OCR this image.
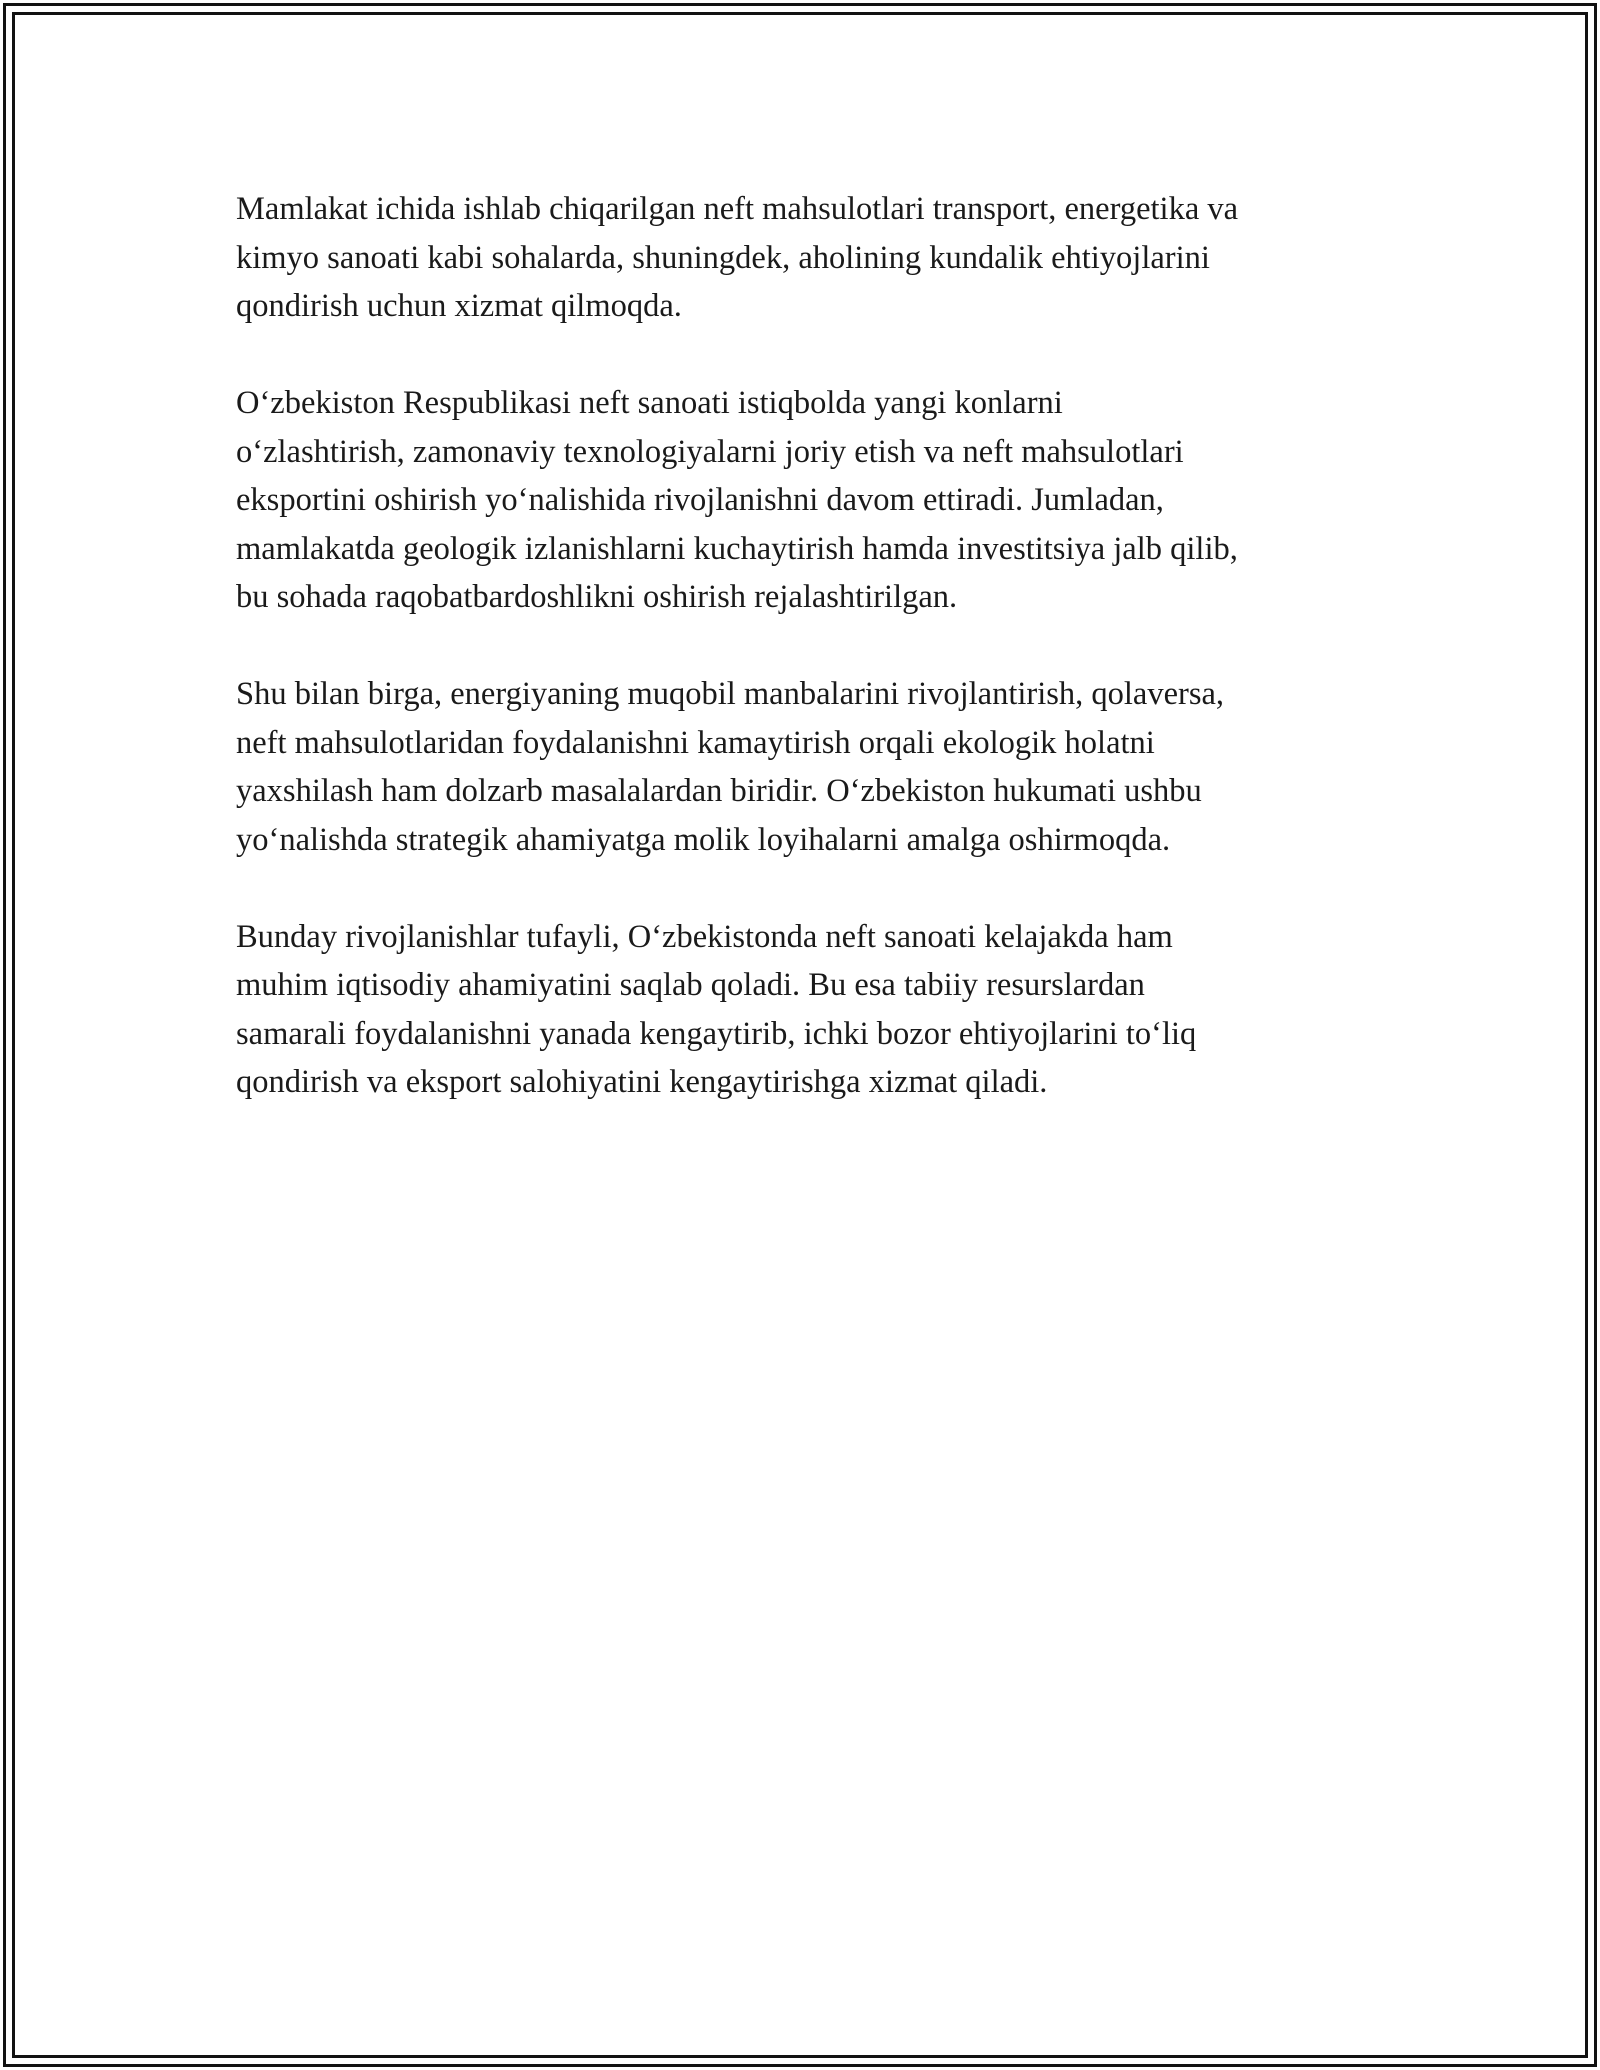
Mamlakat ichida ishlab chiqarilgan neft mahsulotlari transport, energetika va
kimyo sanoati kabi sohalarda, shuningdek, aholining kundalik ehtiyojlarini
qondirish uchun xizmat qilmoqda.

O‘zbekiston Respublikasi neft sanoati istiqbolda yangi konlarni
o‘zlashtirish, zamonaviy texnologiyalarni joriy etish va neft mahsulotlari
eksportini oshirish yo‘nalishida rivojlanishni davom ettiradi. Jumladan,
mamlakatda geologik izlanishlarni kuchaytirish hamda investitsiya jalb qilib,
bu sohada raqobatbardoshlikni oshirish rejalashtirilgan.

Shu bilan birga, energiyaning muqobil manbalarini rivojlantirish, qolaversa,
neft mahsulotlaridan foydalanishni kamaytirish orqali ekologik holatni
yaxshilash ham dolzarb masalalardan biridir. O‘zbekiston hukumati ushbu
yo‘nalishda strategik ahamiyatga molik loyihalarni amalga oshirmoqda.

Bunday rivojlanishlar tufayli, O‘zbekistonda neft sanoati kelajakda ham
muhim iqtisodiy ahamiyatini saqlab qoladi. Bu esa tabiiy resurslardan
samarali foydalanishni yanada kengaytirib, ichki bozor ehtiyojlarini to‘liq
qondirish va eksport salohiyatini kengaytirishga xizmat qiladi.
